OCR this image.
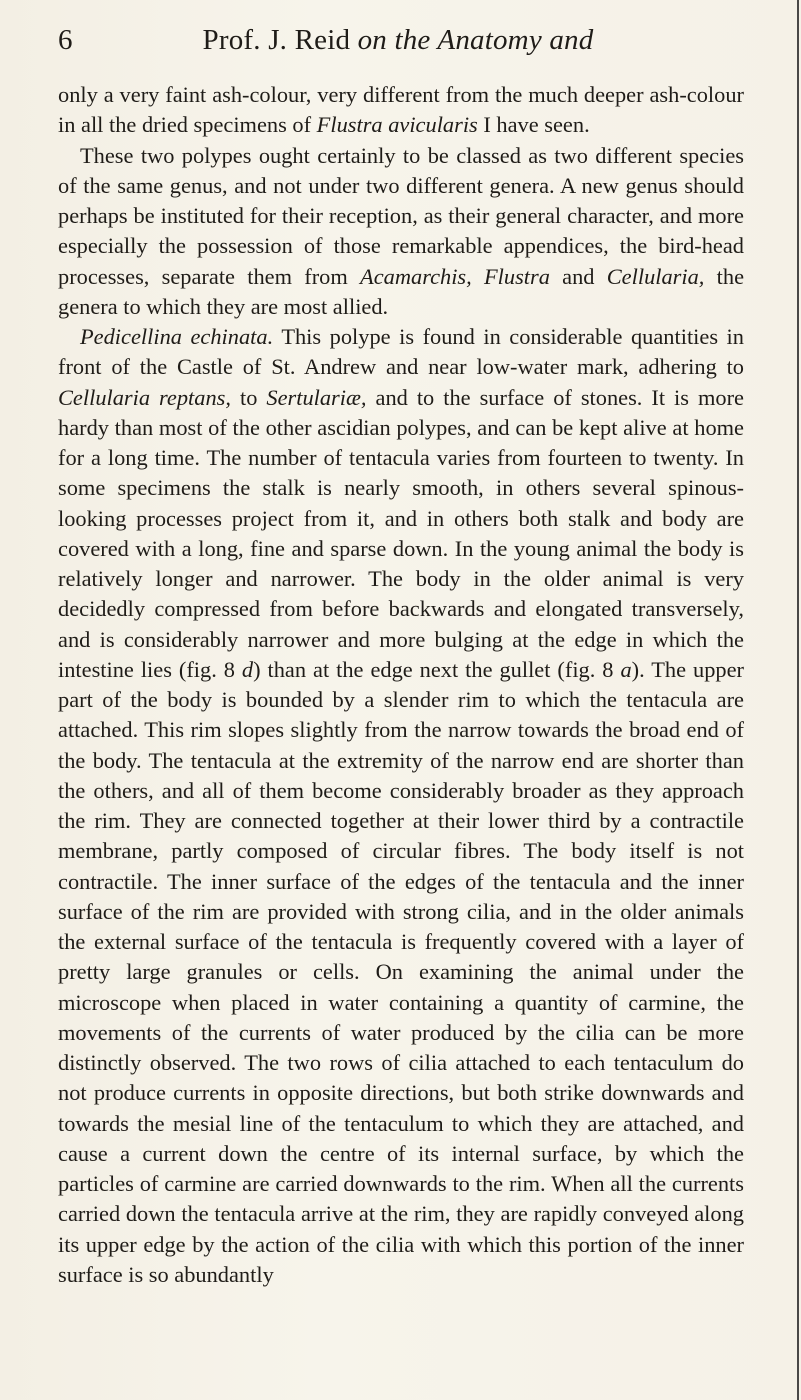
6	Prof. J. Reid on the Anatomy and

only a very faint ash-colour, very different from the much deeper ash-colour in all the dried specimens of Flustra avicularis I have seen.

These two polypes ought certainly to be classed as two different species of the same genus, and not under two different genera. A new genus should perhaps be instituted for their reception, as their general character, and more especially the possession of those remarkable appendices, the bird-head processes, separate them from Acamarchis, Flustra and Cellularia, the genera to which they are most allied.

Pedicellina echinata. This polype is found in considerable quantities in front of the Castle of St. Andrew and near low-water mark, adhering to Cellularia reptans, to Sertulariæ, and to the surface of stones. It is more hardy than most of the other ascidian polypes, and can be kept alive at home for a long time. The number of tentacula varies from fourteen to twenty. In some specimens the stalk is nearly smooth, in others several spinous-looking processes project from it, and in others both stalk and body are covered with a long, fine and sparse down. In the young animal the body is relatively longer and narrower. The body in the older animal is very decidedly compressed from before backwards and elongated transversely, and is considerably narrower and more bulging at the edge in which the intestine lies (fig. 8 d) than at the edge next the gullet (fig. 8 a). The upper part of the body is bounded by a slender rim to which the tentacula are attached. This rim slopes slightly from the narrow towards the broad end of the body. The tentacula at the extremity of the narrow end are shorter than the others, and all of them become considerably broader as they approach the rim. They are connected together at their lower third by a contractile membrane, partly composed of circular fibres. The body itself is not contractile. The inner surface of the edges of the tentacula and the inner surface of the rim are provided with strong cilia, and in the older animals the external surface of the tentacula is frequently covered with a layer of pretty large granules or cells. On examining the animal under the microscope when placed in water containing a quantity of carmine, the movements of the currents of water produced by the cilia can be more distinctly observed. The two rows of cilia attached to each tentaculum do not produce currents in opposite directions, but both strike downwards and towards the mesial line of the tentaculum to which they are attached, and cause a current down the centre of its internal surface, by which the particles of carmine are carried downwards to the rim. When all the currents carried down the tentacula arrive at the rim, they are rapidly conveyed along its upper edge by the action of the cilia with which this portion of the inner surface is so abundantly
